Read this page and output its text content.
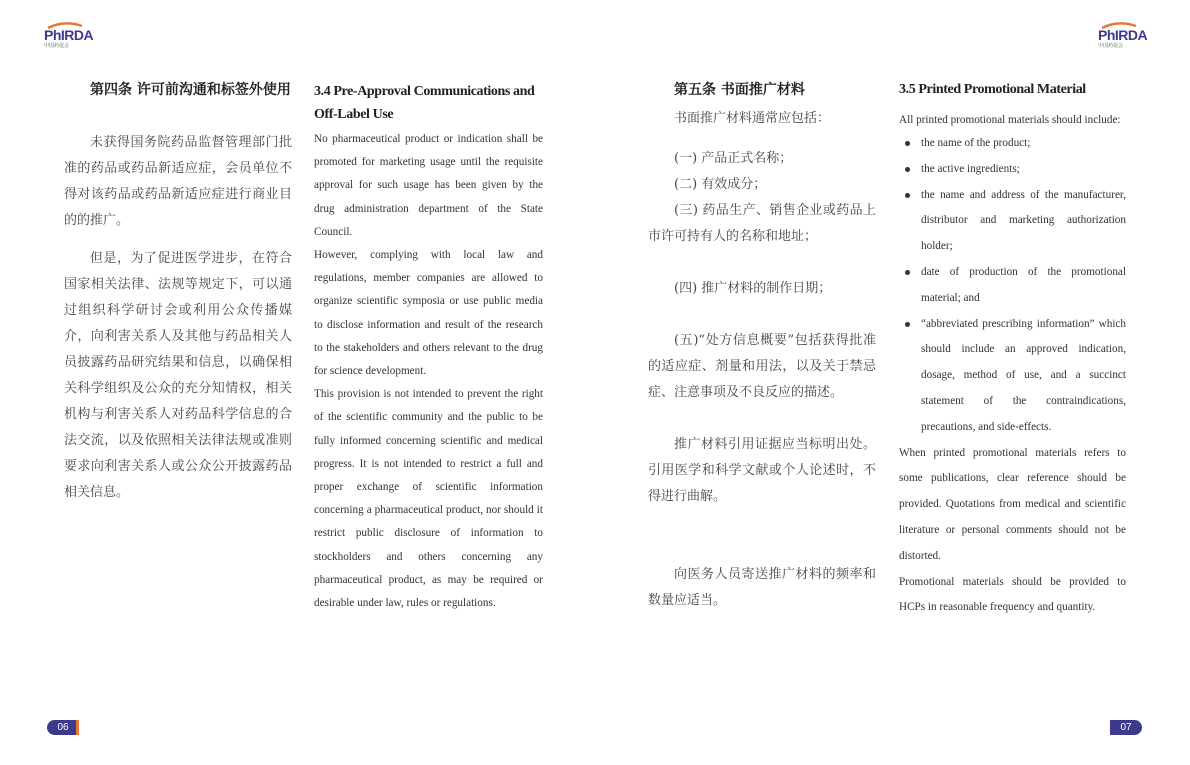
PhIRDA
中国药促会
PhIRDA
中国药促会
第四条 许可前沟通和标签外使用

未获得国务院药品监督管理部门批准的药品或药品新适应症，会员单位不得对该药品或药品新适应症进行商业目的的推广。

但是，为了促进医学进步，在符合国家相关法律、法规等规定下，可以通过组织科学研讨会或利用公众传播媒介，向利害关系人及其他与药品相关人员披露药品研究结果和信息，以确保相关科学组织及公众的充分知情权，相关机构与利害关系人对药品科学信息的合法交流，以及依照相关法律法规或准则要求向利害关系人或公众公开披露药品相关信息。

3.4 Pre-Approval Communications and Off-Label Use

No pharmaceutical product or indication shall be promoted for marketing usage until the requisite approval for such usage has been given by the drug administration department of the State Council.

However, complying with local law and regulations, member companies are allowed to organize scientific symposia or use public media to disclose information and result of the research to the stakeholders and others relevant to the drug for science development.

This provision is not intended to prevent the right of the scientific community and the public to be fully informed concerning scientific and medical progress. It is not intended to restrict a full and proper exchange of scientific information concerning a pharmaceutical product, nor should it restrict public disclosure of information to stockholders and others concerning any pharmaceutical product, as may be required or desirable under law, rules or regulations.

第五条 书面推广材料

书面推广材料通常应包括：

(一) 产品正式名称；

(二) 有效成分；

(三) 药品生产、销售企业或药品上市许可持有人的名称和地址；

(四) 推广材料的制作日期；

(五)“处方信息概要”包括获得批准的适应症、剂量和用法，以及关于禁忌症、注意事项及不良反应的描述。

推广材料引用证据应当标明出处。引用医学和科学文献或个人论述时，不得进行曲解。

向医务人员寄送推广材料的频率和数量应适当。

3.5 Printed Promotional Material

All printed promotional materials should include:

the name of the product;
the active ingredients;
the name and address of the manufacturer, distributor and marketing authorization holder;
date of production of the promotional material; and
“abbreviated prescribing information” which should include an approved indication, dosage, method of use, and a succinct statement of the contraindications, precautions, and side-effects.

When printed promotional materials refers to some publications, clear reference should be provided. Quotations from medical and scientific literature or personal comments should not be distorted.

Promotional materials should be provided to HCPs in reasonable frequency and quantity.

06	07
